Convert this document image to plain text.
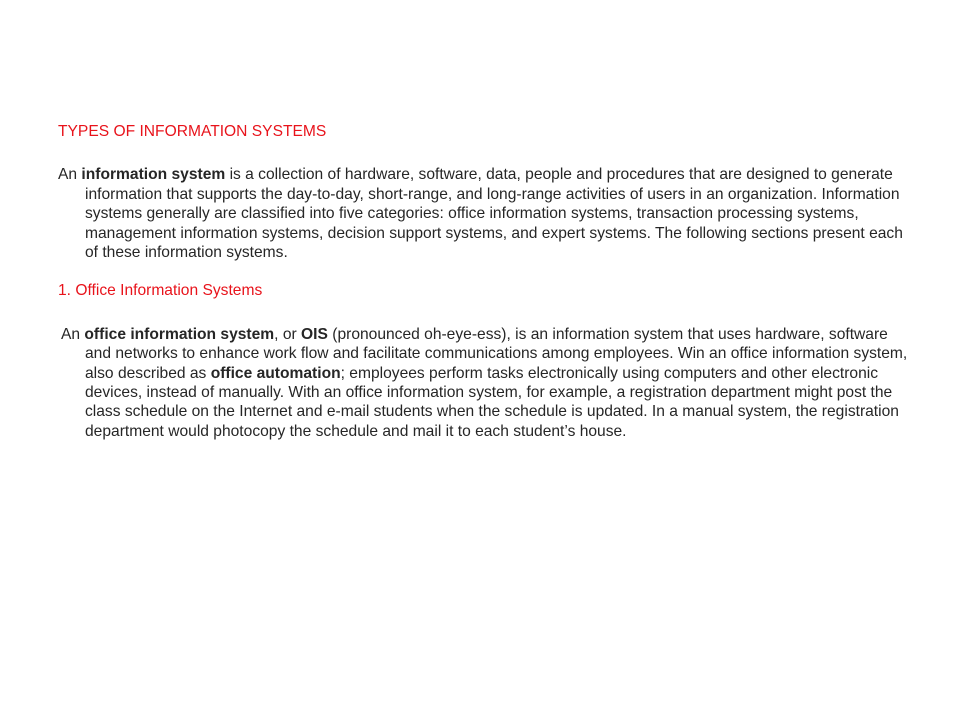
TYPES OF INFORMATION SYSTEMS
An information system is a collection of hardware, software, data, people and procedures that are designed to generate information that supports the day-to-day, short-range, and long-range activities of users in an organization. Information systems generally are classified into five categories: office information systems, transaction processing systems, management information systems, decision support systems, and expert systems. The following sections present each of these information systems.
1. Office Information Systems
An office information system, or OIS (pronounced oh-eye-ess), is an information system that uses hardware, software and networks to enhance work flow and facilitate communications among employees. Win an office information system, also described as office automation; employees perform tasks electronically using computers and other electronic devices, instead of manually. With an office information system, for example, a registration department might post the class schedule on the Internet and e-mail students when the schedule is updated. In a manual system, the registration department would photocopy the schedule and mail it to each student’s house.
